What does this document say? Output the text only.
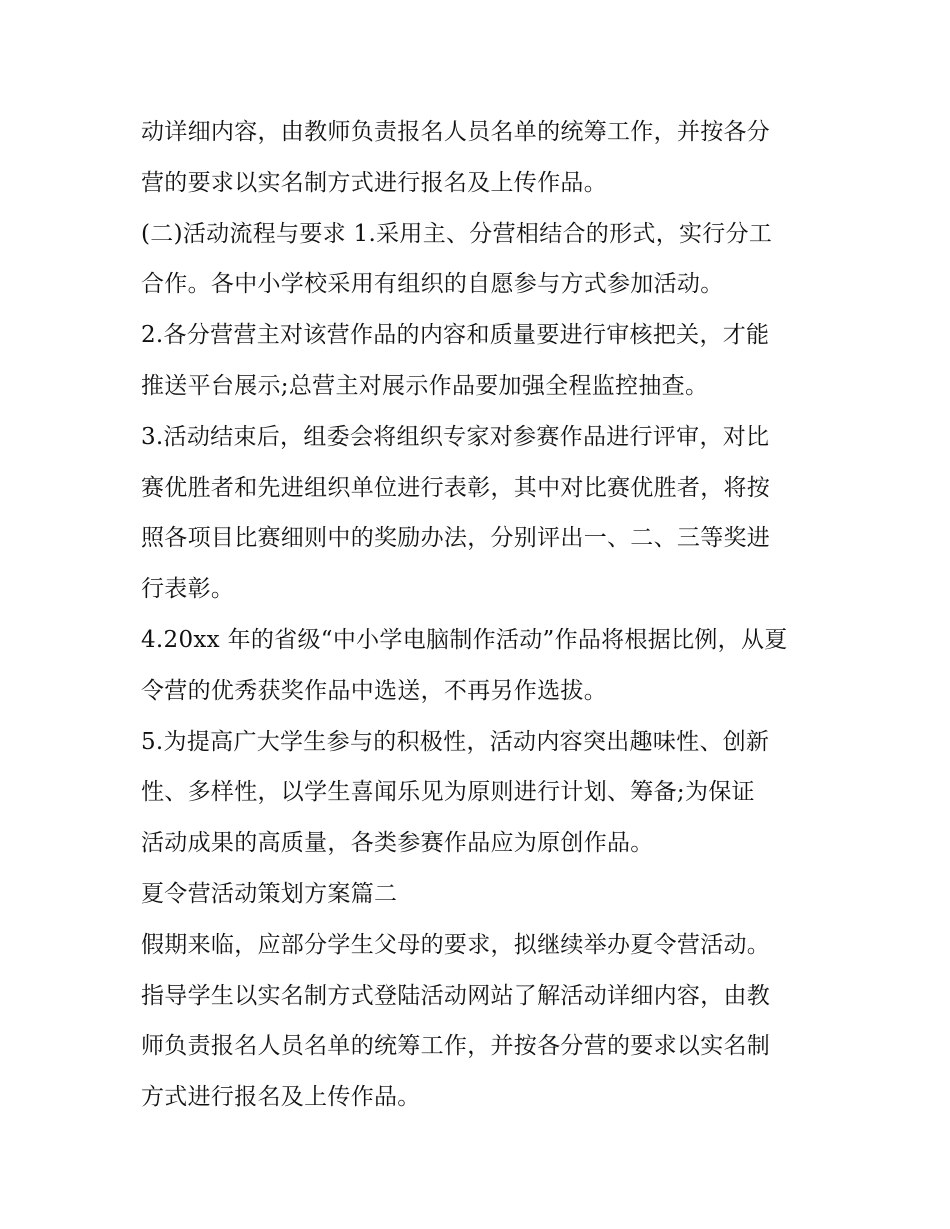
动详细内容，由教师负责报名人员名单的统筹工作，并按各分
营的要求以实名制方式进行报名及上传作品。
(二)活动流程与要求 1.采用主、分营相结合的形式，实行分工
合作。各中小学校采用有组织的自愿参与方式参加活动。
2.各分营营主对该营作品的内容和质量要进行审核把关，才能
推送平台展示;总营主对展示作品要加强全程监控抽查。
3.活动结束后，组委会将组织专家对参赛作品进行评审，对比
赛优胜者和先进组织单位进行表彰，其中对比赛优胜者，将按
照各项目比赛细则中的奖励办法，分别评出一、二、三等奖进
行表彰。
4.20xx 年的省级“中小学电脑制作活动”作品将根据比例，从夏
令营的优秀获奖作品中选送，不再另作选拔。
5.为提高广大学生参与的积极性，活动内容突出趣味性、创新
性、多样性，以学生喜闻乐见为原则进行计划、筹备;为保证
活动成果的高质量，各类参赛作品应为原创作品。
夏令营活动策划方案篇二
假期来临，应部分学生父母的要求，拟继续举办夏令营活动。
指导学生以实名制方式登陆活动网站了解活动详细内容，由教
师负责报名人员名单的统筹工作，并按各分营的要求以实名制
方式进行报名及上传作品。
